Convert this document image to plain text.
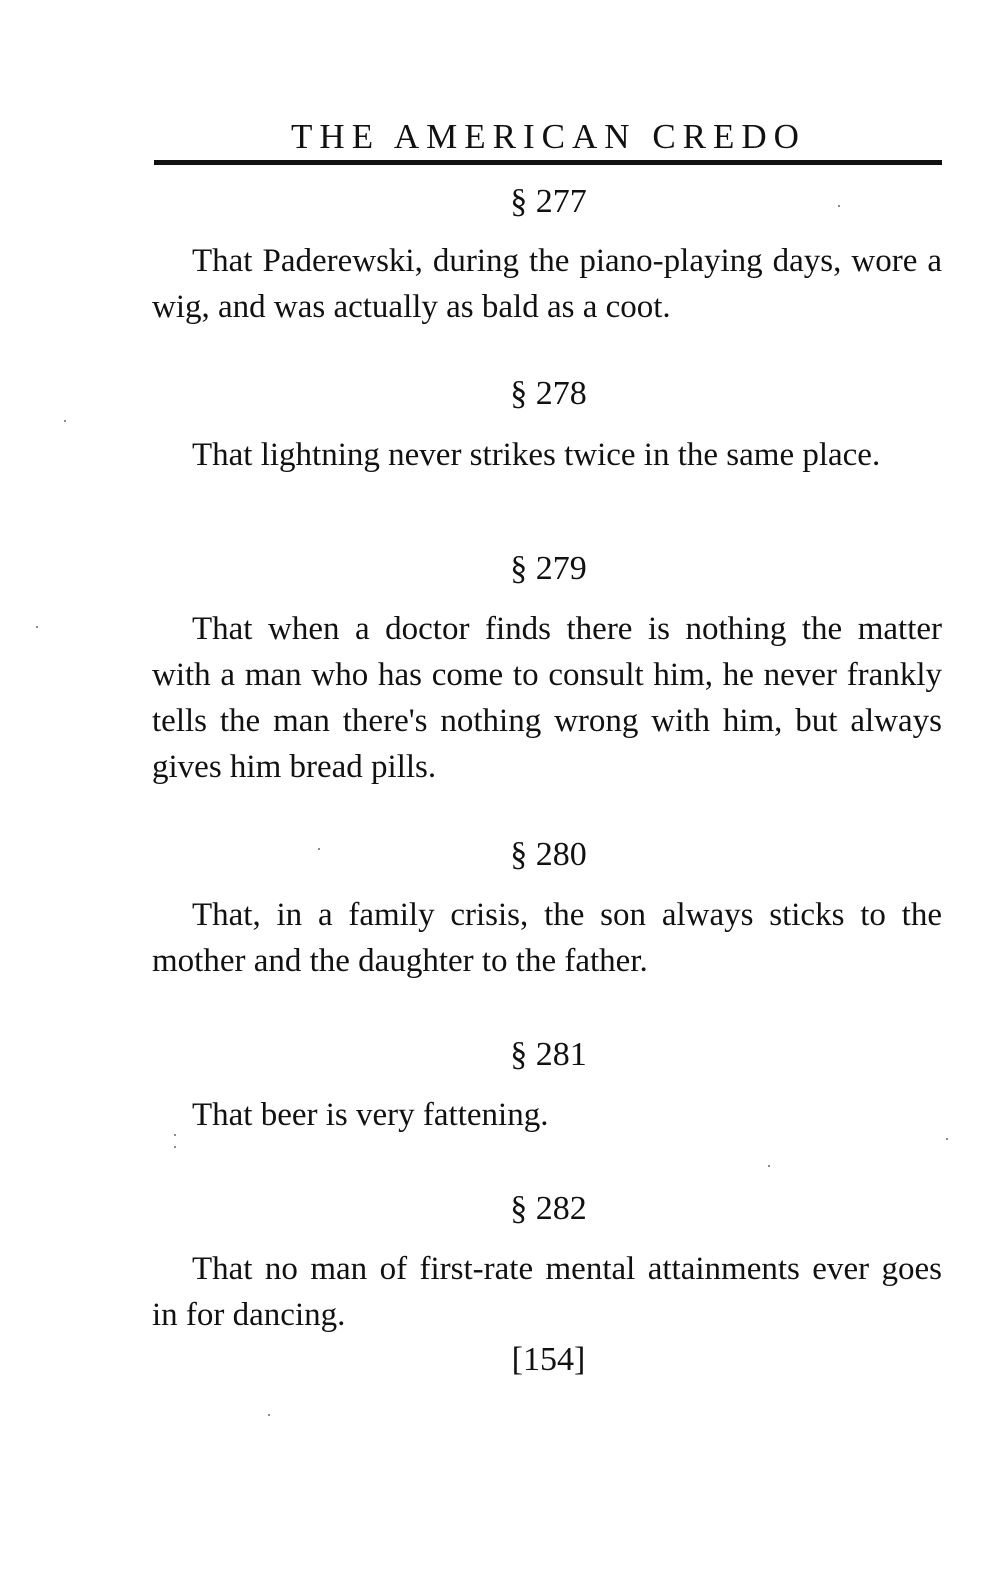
THE AMERICAN CREDO
§ 277
That Paderewski, during the piano-playing days, wore a wig, and was actually as bald as a coot.
§ 278
That lightning never strikes twice in the same place.
§ 279
That when a doctor finds there is nothing the matter with a man who has come to consult him, he never frankly tells the man there's nothing wrong with him, but always gives him bread pills.
§ 280
That, in a family crisis, the son always sticks to the mother and the daughter to the father.
§ 281
That beer is very fattening.
§ 282
That no man of first-rate mental attainments ever goes in for dancing.
[154]
